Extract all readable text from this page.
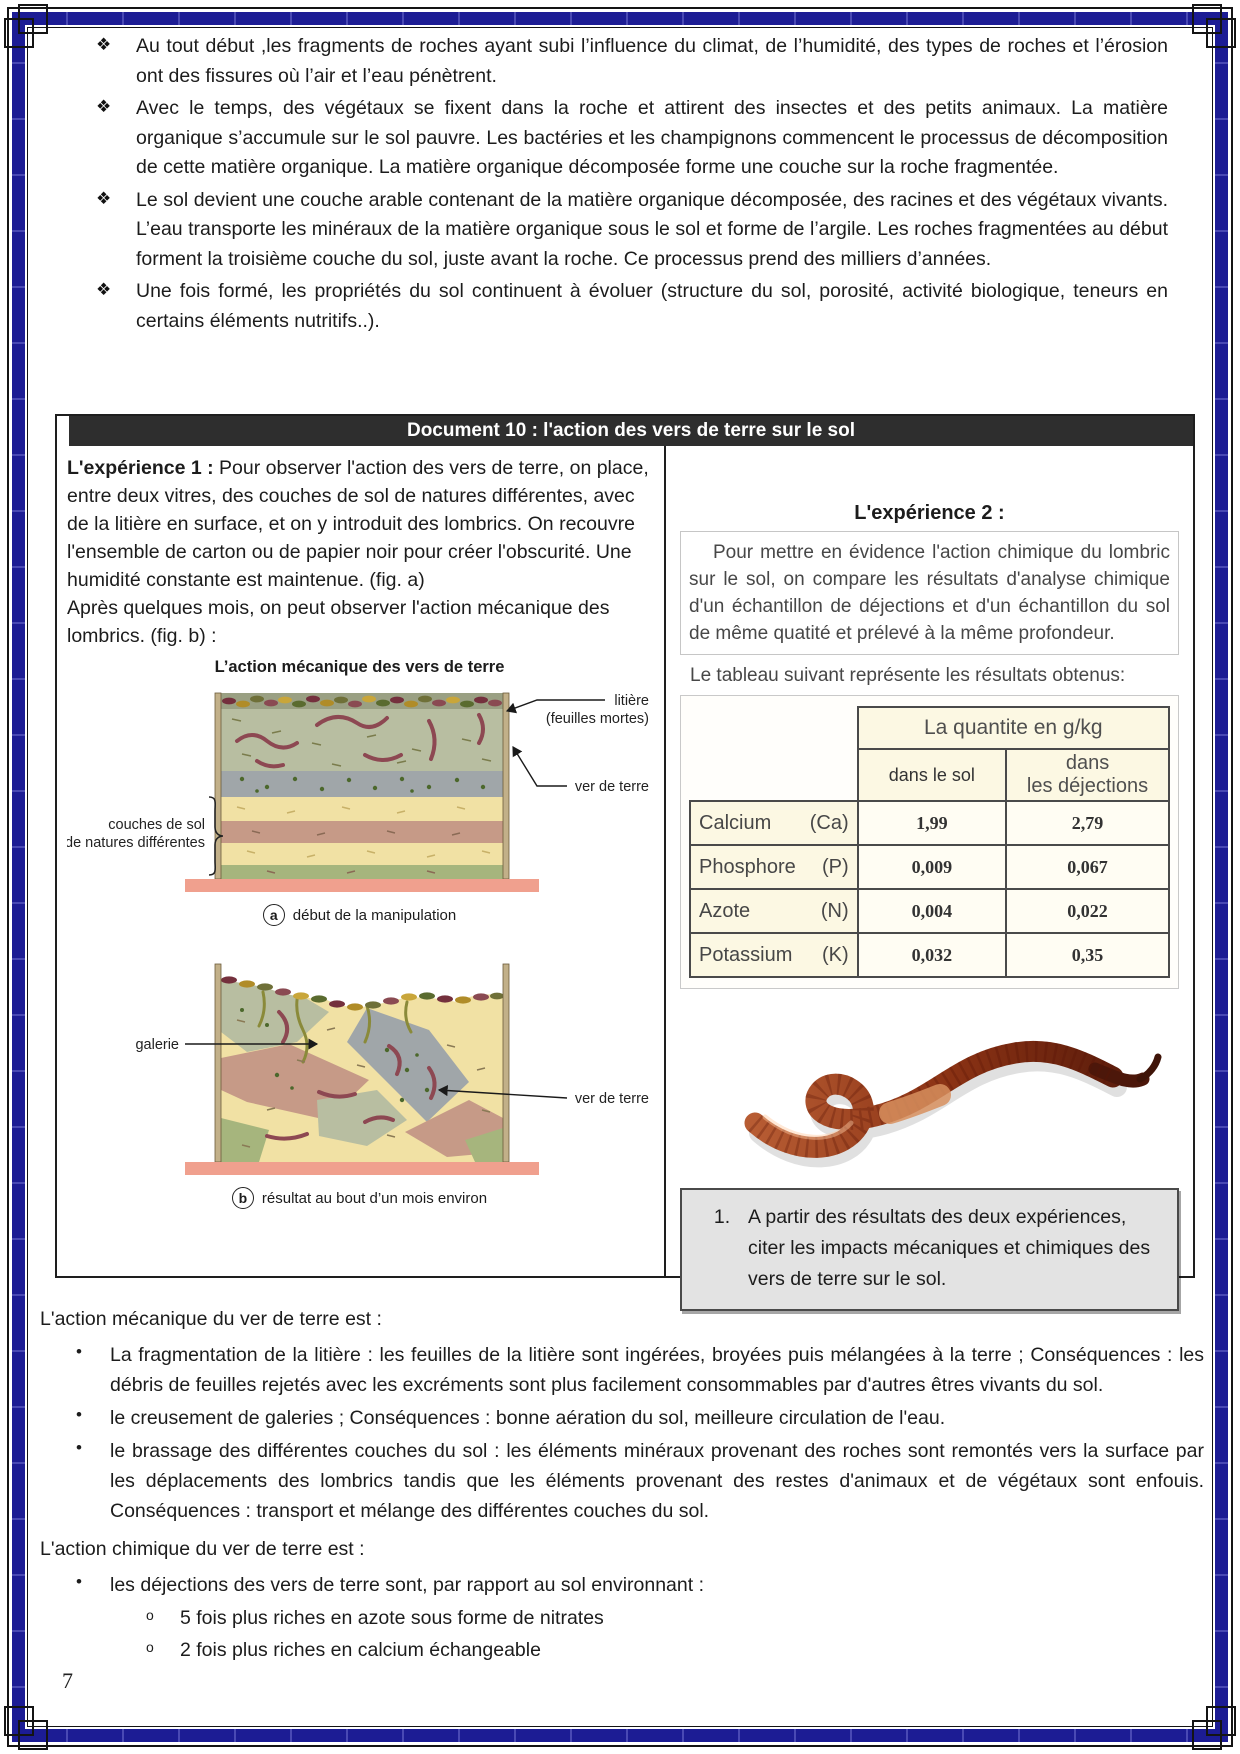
❖	Au tout début ,les fragments de roches ayant subi l’influence du climat, de l’humidité, des types de roches et l’érosion ont des fissures où l’air et l’eau pénètrent.
❖	Avec le temps, des végétaux se fixent dans la roche et attirent des insectes et des petits animaux. La matière organique s’accumule sur le sol pauvre. Les bactéries et les champignons commencent le processus de décomposition de cette matière organique. La matière organique décomposée forme une couche sur la roche fragmentée.
❖	Le sol devient une couche arable contenant de la matière organique décomposée, des racines et des végétaux vivants. L’eau transporte les minéraux de la matière organique sous le sol et forme de l’argile. Les roches fragmentées au début forment la troisième couche du sol, juste avant la roche. Ce processus prend des milliers d’années.
❖	Une fois formé, les propriétés du sol continuent à évoluer (structure du sol, porosité, activité biologique, teneurs en certains éléments nutritifs..).
Document 10 : l'action des vers de terre sur le sol

L'expérience 1 : Pour observer l'action des vers de terre, on place, entre deux vitres, des couches de sol de natures différentes, avec de la litière en surface, et on y introduit des lombrics. On recouvre l'ensemble de carton ou de papier noir pour créer l'obscurité. Une humidité constante est maintenue. (fig. a)

Après quelques mois, on peut observer l'action mécanique des lombrics. (fig. b) :

L’action mécanique des vers de terre
litière
(feuilles mortes)
ver de terre
couches de sol
de natures différentes
a	début de la manipulation
galerie
ver de terre
b résultat au bout d’un mois environ
L'expérience 2 :
Pour mettre en évidence l'action chimique du lombric sur le sol, on compare les résultats d'analyse chimique d'un échantillon de déjections et d'un échantillon du sol de même quatité et prélevé à la même profondeur.
Le tableau suivant représente les résultats obtenus:
	La quantite en g/kg	
	dans le sol	dans
les déjections

Calcium (Ca)	1,99	2,79

Phosphore (P)	0,009	0,067

Azote (N)	0,004	0,022

Potassium (K)	0,032	0,35
1. A partir des résultats des deux expériences, citer les impacts mécaniques et chimiques des vers de terre sur le sol.
L'action mécanique du ver de terre est :
•	La fragmentation de la litière : les feuilles de la litière sont ingérées, broyées puis mélangées à la terre ; Conséquences : les débris de feuilles rejetés avec les excréments sont plus facilement consommables par d'autres êtres vivants du sol.
•	le creusement de galeries ; Conséquences : bonne aération du sol, meilleure circulation de l'eau.
•	le brassage des différentes couches du sol : les éléments minéraux provenant des roches sont remontés vers la surface par les déplacements des lombrics tandis que les éléments provenant des restes d'animaux et de végétaux sont enfouis. Conséquences : transport et mélange des différentes couches du sol.
L'action chimique du ver de terre est :
•	les déjections des vers de terre sont, par rapport au sol environnant :
o	5 fois plus riches en azote sous forme de nitrates
o	2 fois plus riches en calcium échangeable
7
